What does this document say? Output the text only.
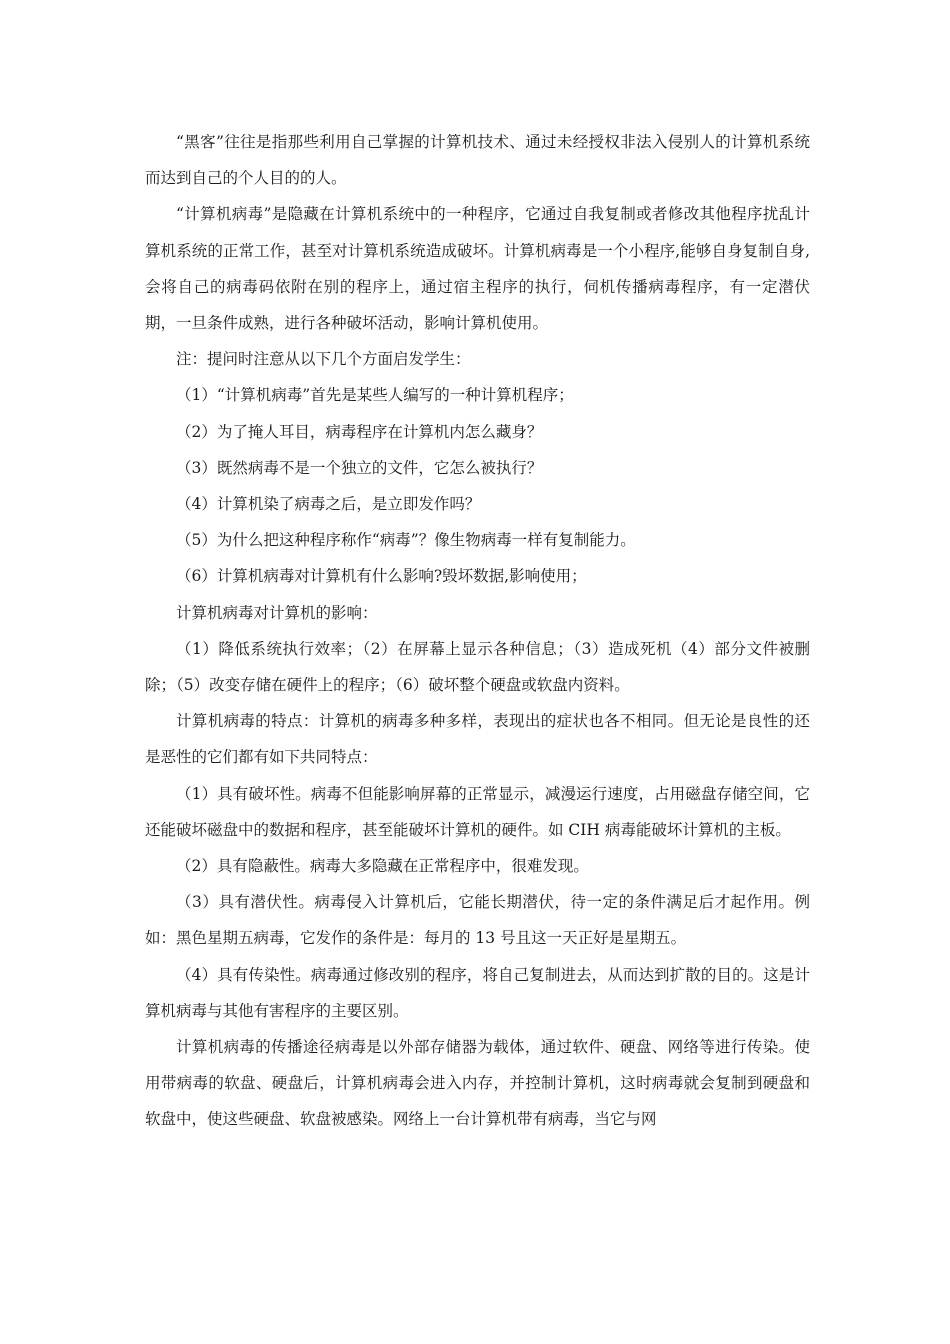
“黑客”往往是指那些利用自己掌握的计算机技术、通过未经授权非法入侵别人的计算机系统而达到自己的个人目的的人。

“计算机病毒”是隐藏在计算机系统中的一种程序，它通过自我复制或者修改其他程序扰乱计算机系统的正常工作，甚至对计算机系统造成破坏。计算机病毒是一个小程序,能够自身复制自身,会将自己的病毒码依附在别的程序上，通过宿主程序的执行，伺机传播病毒程序，有一定潜伏期，一旦条件成熟，进行各种破坏活动，影响计算机使用。

注：提问时注意从以下几个方面启发学生：

（1）“计算机病毒”首先是某些人编写的一种计算机程序；

（2）为了掩人耳目，病毒程序在计算机内怎么藏身？

（3）既然病毒不是一个独立的文件，它怎么被执行？

（4）计算机染了病毒之后，是立即发作吗？

（5）为什么把这种程序称作“病毒”？像生物病毒一样有复制能力。

（6）计算机病毒对计算机有什么影响?毁坏数据,影响使用；

计算机病毒对计算机的影响：

（1）降低系统执行效率；（2）在屏幕上显示各种信息；（3）造成死机（4）部分文件被删除；（5）改变存储在硬件上的程序；（6）破坏整个硬盘或软盘内资料。

计算机病毒的特点：计算机的病毒多种多样，表现出的症状也各不相同。但无论是良性的还是恶性的它们都有如下共同特点：

（1）具有破坏性。病毒不但能影响屏幕的正常显示，减漫运行速度，占用磁盘存储空间，它还能破坏磁盘中的数据和程序，甚至能破坏计算机的硬件。如 CIH 病毒能破坏计算机的主板。

（2）具有隐蔽性。病毒大多隐藏在正常程序中，很难发现。

（3）具有潜伏性。病毒侵入计算机后，它能长期潜伏，待一定的条件满足后才起作用。例如：黑色星期五病毒，它发作的条件是：每月的 13 号且这一天正好是星期五。

（4）具有传染性。病毒通过修改别的程序，将自己复制进去，从而达到扩散的目的。这是计算机病毒与其他有害程序的主要区别。

计算机病毒的传播途径病毒是以外部存储器为载体，通过软件、硬盘、网络等进行传染。使用带病毒的软盘、硬盘后，计算机病毒会进入内存，并控制计算机，这时病毒就会复制到硬盘和软盘中，使这些硬盘、软盘被感染。网络上一台计算机带有病毒，当它与网
